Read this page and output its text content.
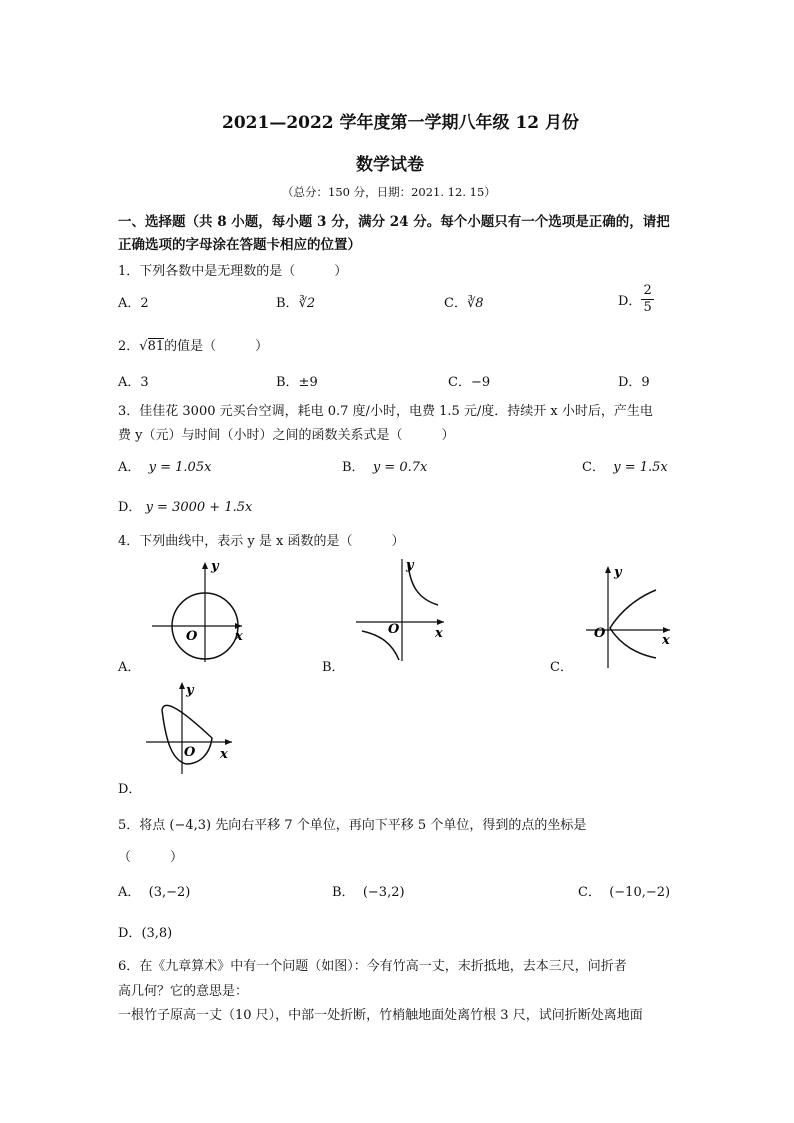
2021—2022 学年度第一学期八年级 12 月份
数学试卷
（总分：150 分，日期：2021. 12. 15）
一、选择题（共 8 小题，每小题 3 分，满分 24 分。每个小题只有一个选项是正确的，请把
正确选项的字母涂在答题卡相应的位置）
1．下列各数中是无理数的是（　　　）
A．2	B．∛2	C．∛8	D． $\frac{2}{5}$
2．√81的值是（　　　）
A．3	B．±9	C．−9	D．9
3．佳佳花 3000 元买台空调，耗电 0.7 度/小时，电费 1.5 元/度．持续开 x 小时后，产生电
费 y（元）与时间（小时）之间的函数关系式是（　　　）
A． y = 1.05x	B． y = 0.7x	C． y = 1.5x
D． y = 3000 + 1.5x
4．下列曲线中，表示 y 是 x 函数的是（　　　）
y
x
O
A．
y
x
O
B．
y
x
O
C．
y
x
O
D．
5．将点 (−4,3) 先向右平移 7 个单位，再向下平移 5 个单位，得到的点的坐标是
（　　　）
A． (3,−2)	B． (−3,2)	C． (−10,−2)
D．(3,8)
6．在《九章算术》中有一个问题（如图）：今有竹高一丈，末折抵地，去本三尺，问折者
高几何？它的意思是：
一根竹子原高一丈（10 尺），中部一处折断，竹梢触地面处离竹根 3 尺，试问折断处离地面
